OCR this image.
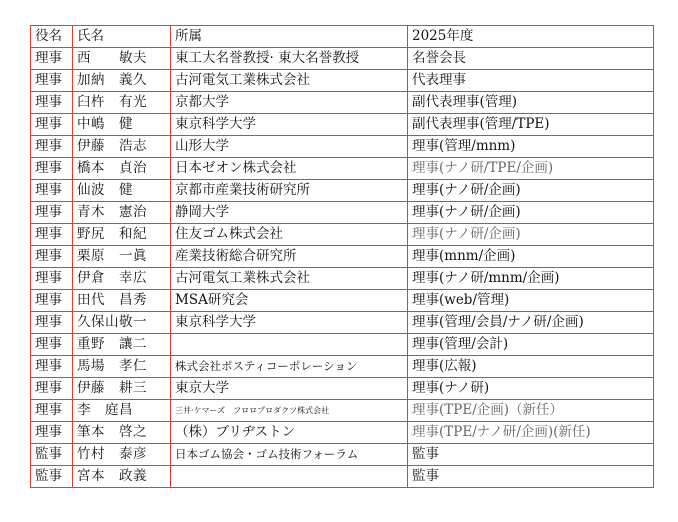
役名	氏名	所属	2025年度
理事	西　　敏夫	東工大名誉教授· 東大名誉教授	名誉会長
理事	加納　義久	古河電気工業株式会社	代表理事
理事	臼杵　有光	京都大学	副代表理事(管理)
理事	中嶋　健	東京科学大学	副代表理事(管理/TPE)
理事	伊藤　浩志	山形大学	理事(管理/mnm)
理事	橋本　貞治	日本ゼオン株式会社	理事(ナノ研/TPE/企画)
理事	仙波　健	京都市産業技術研究所	理事(ナノ研/企画)
理事	青木　憲治	静岡大学	理事(ナノ研/企画)
理事	野尻　和紀	住友ゴム株式会社	理事(ナノ研/企画)
理事	栗原　一眞	産業技術総合研究所	理事(mnm/企画)
理事	伊倉　幸広	古河電気工業株式会社	理事(ナノ研/mnm/企画)
理事	田代　昌秀	MSA研究会	理事(web/管理)
理事	久保山敬一	東京科学大学	理事(管理/会員/ナノ研/企画)
理事	重野　讓二		理事(管理/会計)
理事	馬場　孝仁	株式会社ポスティコーポレーション	理事(広報)
理事	伊藤　耕三	東京大学	理事(ナノ研)
理事	李　庭昌	三井·ケマーズ　フロロプロダクツ株式会社	理事(TPE/企画)（新任）
理事	筆本　啓之	（株）ブリヂストン	理事(TPE/ナノ研/企画)(新任)
監事	竹村　泰彦	日本ゴム協会・ゴム技術フォーラム	監事
監事	宮本　政義		監事
